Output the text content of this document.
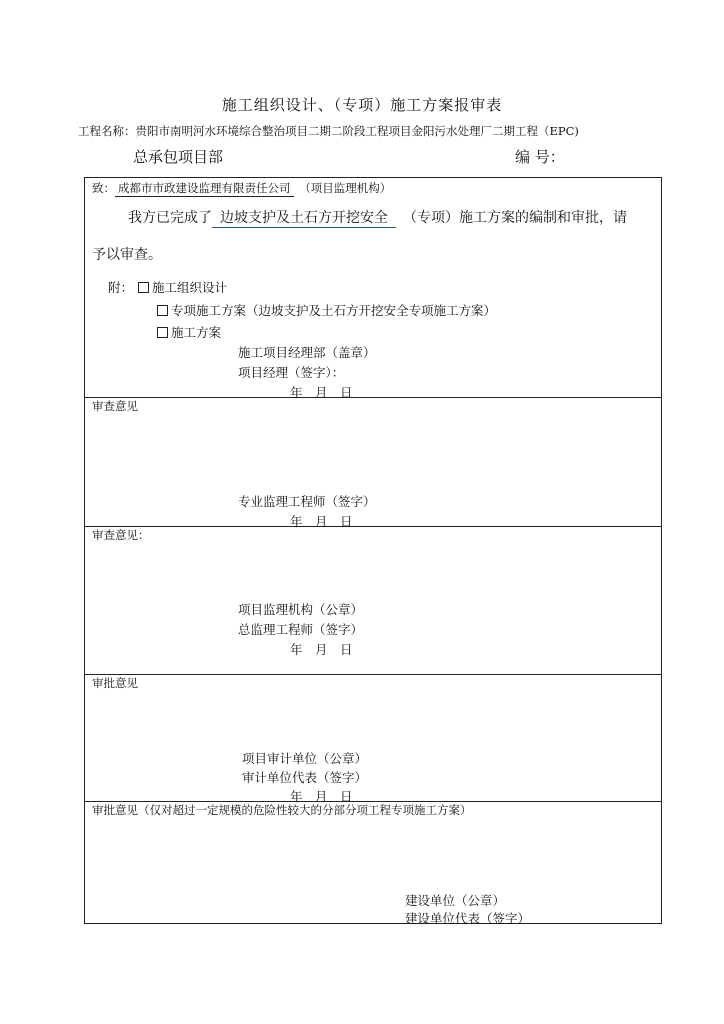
施工组织设计、（专项）施工方案报审表
工程名称：贵阳市南明河水环境综合整治项目二期二阶段工程项目金阳污水处理厂二期工程（EPC)
总承包项目部	编 号：
致： 成都市市政建设监理有限责任公司　 （项目监理机构）
我方已完成了 边坡支护及土石方开挖安全　 （专项）施工方案的编制和审批，请
予以审查。
附：	施工组织设计
专项施工方案（边坡支护及土石方开挖安全专项施工方案）
施工方案
施工项目经理部（盖章）
项目经理（签字）：
年　月　日
审查意见
专业监理工程师（签字）
年　月　日
审查意见：
项目监理机构（公章）
总监理工程师（签字）
年　月　日
审批意见
项目审计单位（公章）
审计单位代表（签字）
年　月　日
审批意见（仅对超过一定规模的危险性较大的分部分项工程专项施工方案）
建设单位（公章）
建设单位代表（签字）
